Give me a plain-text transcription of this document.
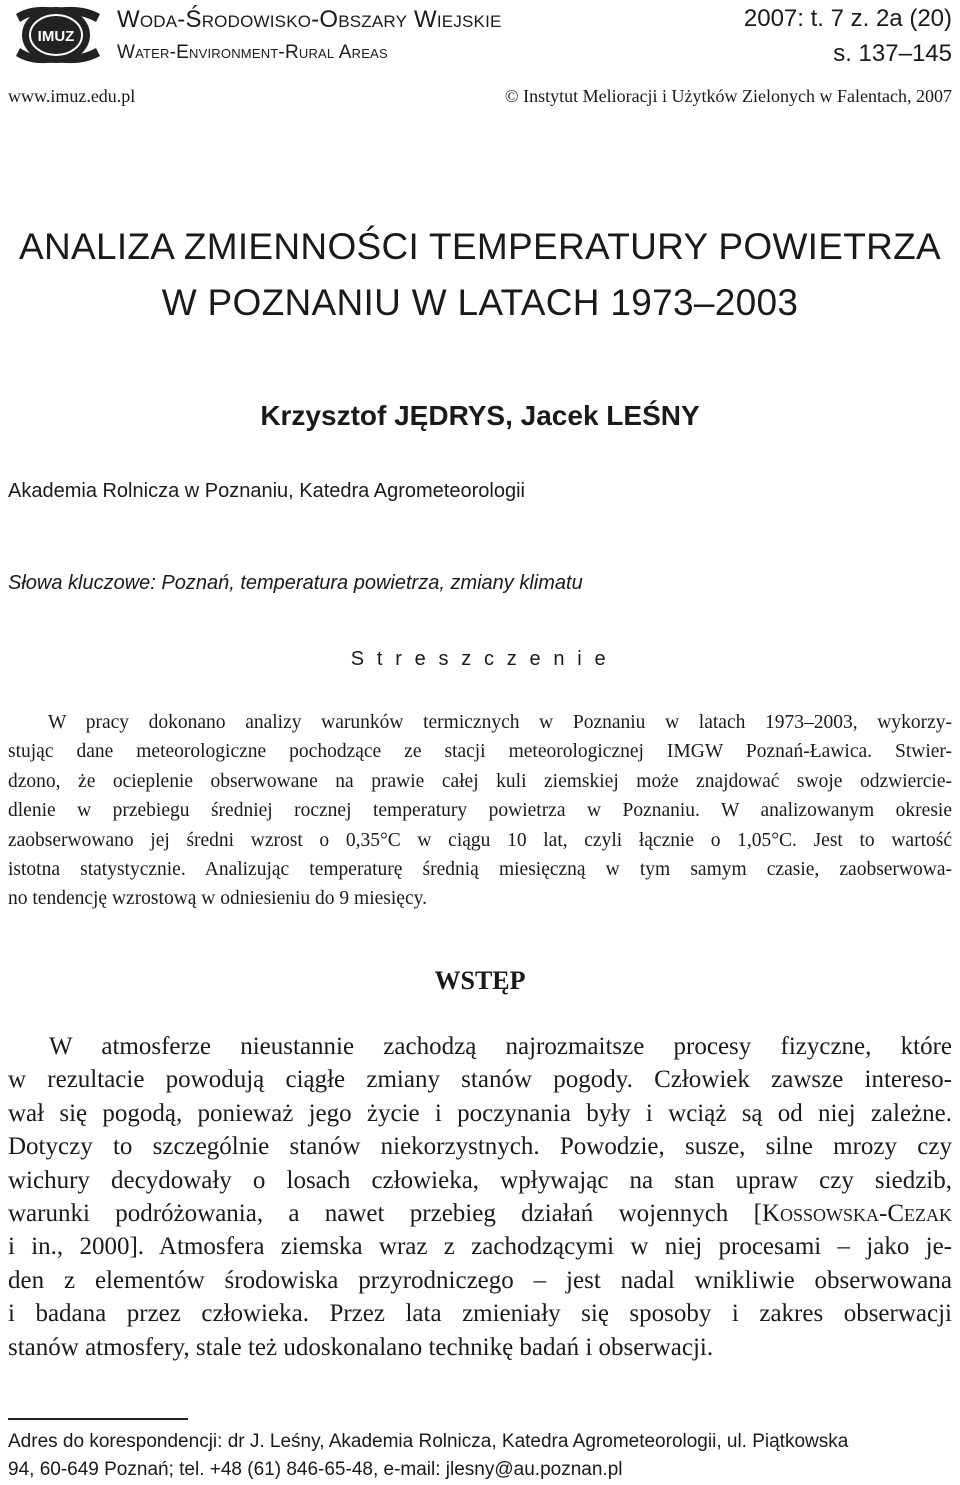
IMUZ
Woda-Środowisko-Obszary Wiejskie
Water-Environment-Rural Areas
2007: t. 7 z. 2a (20)
s. 137–145
www.imuz.edu.pl	© Instytut Melioracji i Użytków Zielonych w Falentach, 2007
ANALIZA ZMIENNOŚCI TEMPERATURY POWIETRZA
W POZNANIU W LATACH 1973–2003
Krzysztof JĘDRYS, Jacek LEŚNY
Akademia Rolnicza w Poznaniu, Katedra Agrometeorologii
Słowa kluczowe: Poznań, temperatura powietrza, zmiany klimatu
S t r e s z c z e n i e
W pracy dokonano analizy warunków termicznych w Poznaniu w latach 1973–2003, wykorzy-
stując dane meteorologiczne pochodzące ze stacji meteorologicznej IMGW Poznań-Ławica. Stwier-
dzono, że ocieplenie obserwowane na prawie całej kuli ziemskiej może znajdować swoje odzwiercie-
dlenie w przebiegu średniej rocznej temperatury powietrza w Poznaniu. W analizowanym okresie
zaobserwowano jej średni wzrost o 0,35°C w ciągu 10 lat, czyli łącznie o 1,05°C. Jest to wartość
istotna statystycznie. Analizując temperaturę średnią miesięczną w tym samym czasie, zaobserwowa-
no tendencję wzrostową w odniesieniu do 9 miesięcy.
WSTĘP
W atmosferze nieustannie zachodzą najrozmaitsze procesy fizyczne, które
w rezultacie powodują ciągłe zmiany stanów pogody. Człowiek zawsze intereso-
wał się pogodą, ponieważ jego życie i poczynania były i wciąż są od niej zależne.
Dotyczy to szczególnie stanów niekorzystnych. Powodzie, susze, silne mrozy czy
wichury decydowały o losach człowieka, wpływając na stan upraw czy siedzib,
warunki podróżowania, a nawet przebieg działań wojennych [Kossowska-Cezak
i in., 2000]. Atmosfera ziemska wraz z zachodzącymi w niej procesami – jako je-
den z elementów środowiska przyrodniczego – jest nadal wnikliwie obserwowana
i badana przez człowieka. Przez lata zmieniały się sposoby i zakres obserwacji
stanów atmosfery, stale też udoskonalano technikę badań i obserwacji.
Adres do korespondencji: dr J. Leśny, Akademia Rolnicza, Katedra Agrometeorologii, ul. Piątkowska
94, 60-649 Poznań; tel. +48 (61) 846-65-48, e-mail: jlesny@au.poznan.pl
